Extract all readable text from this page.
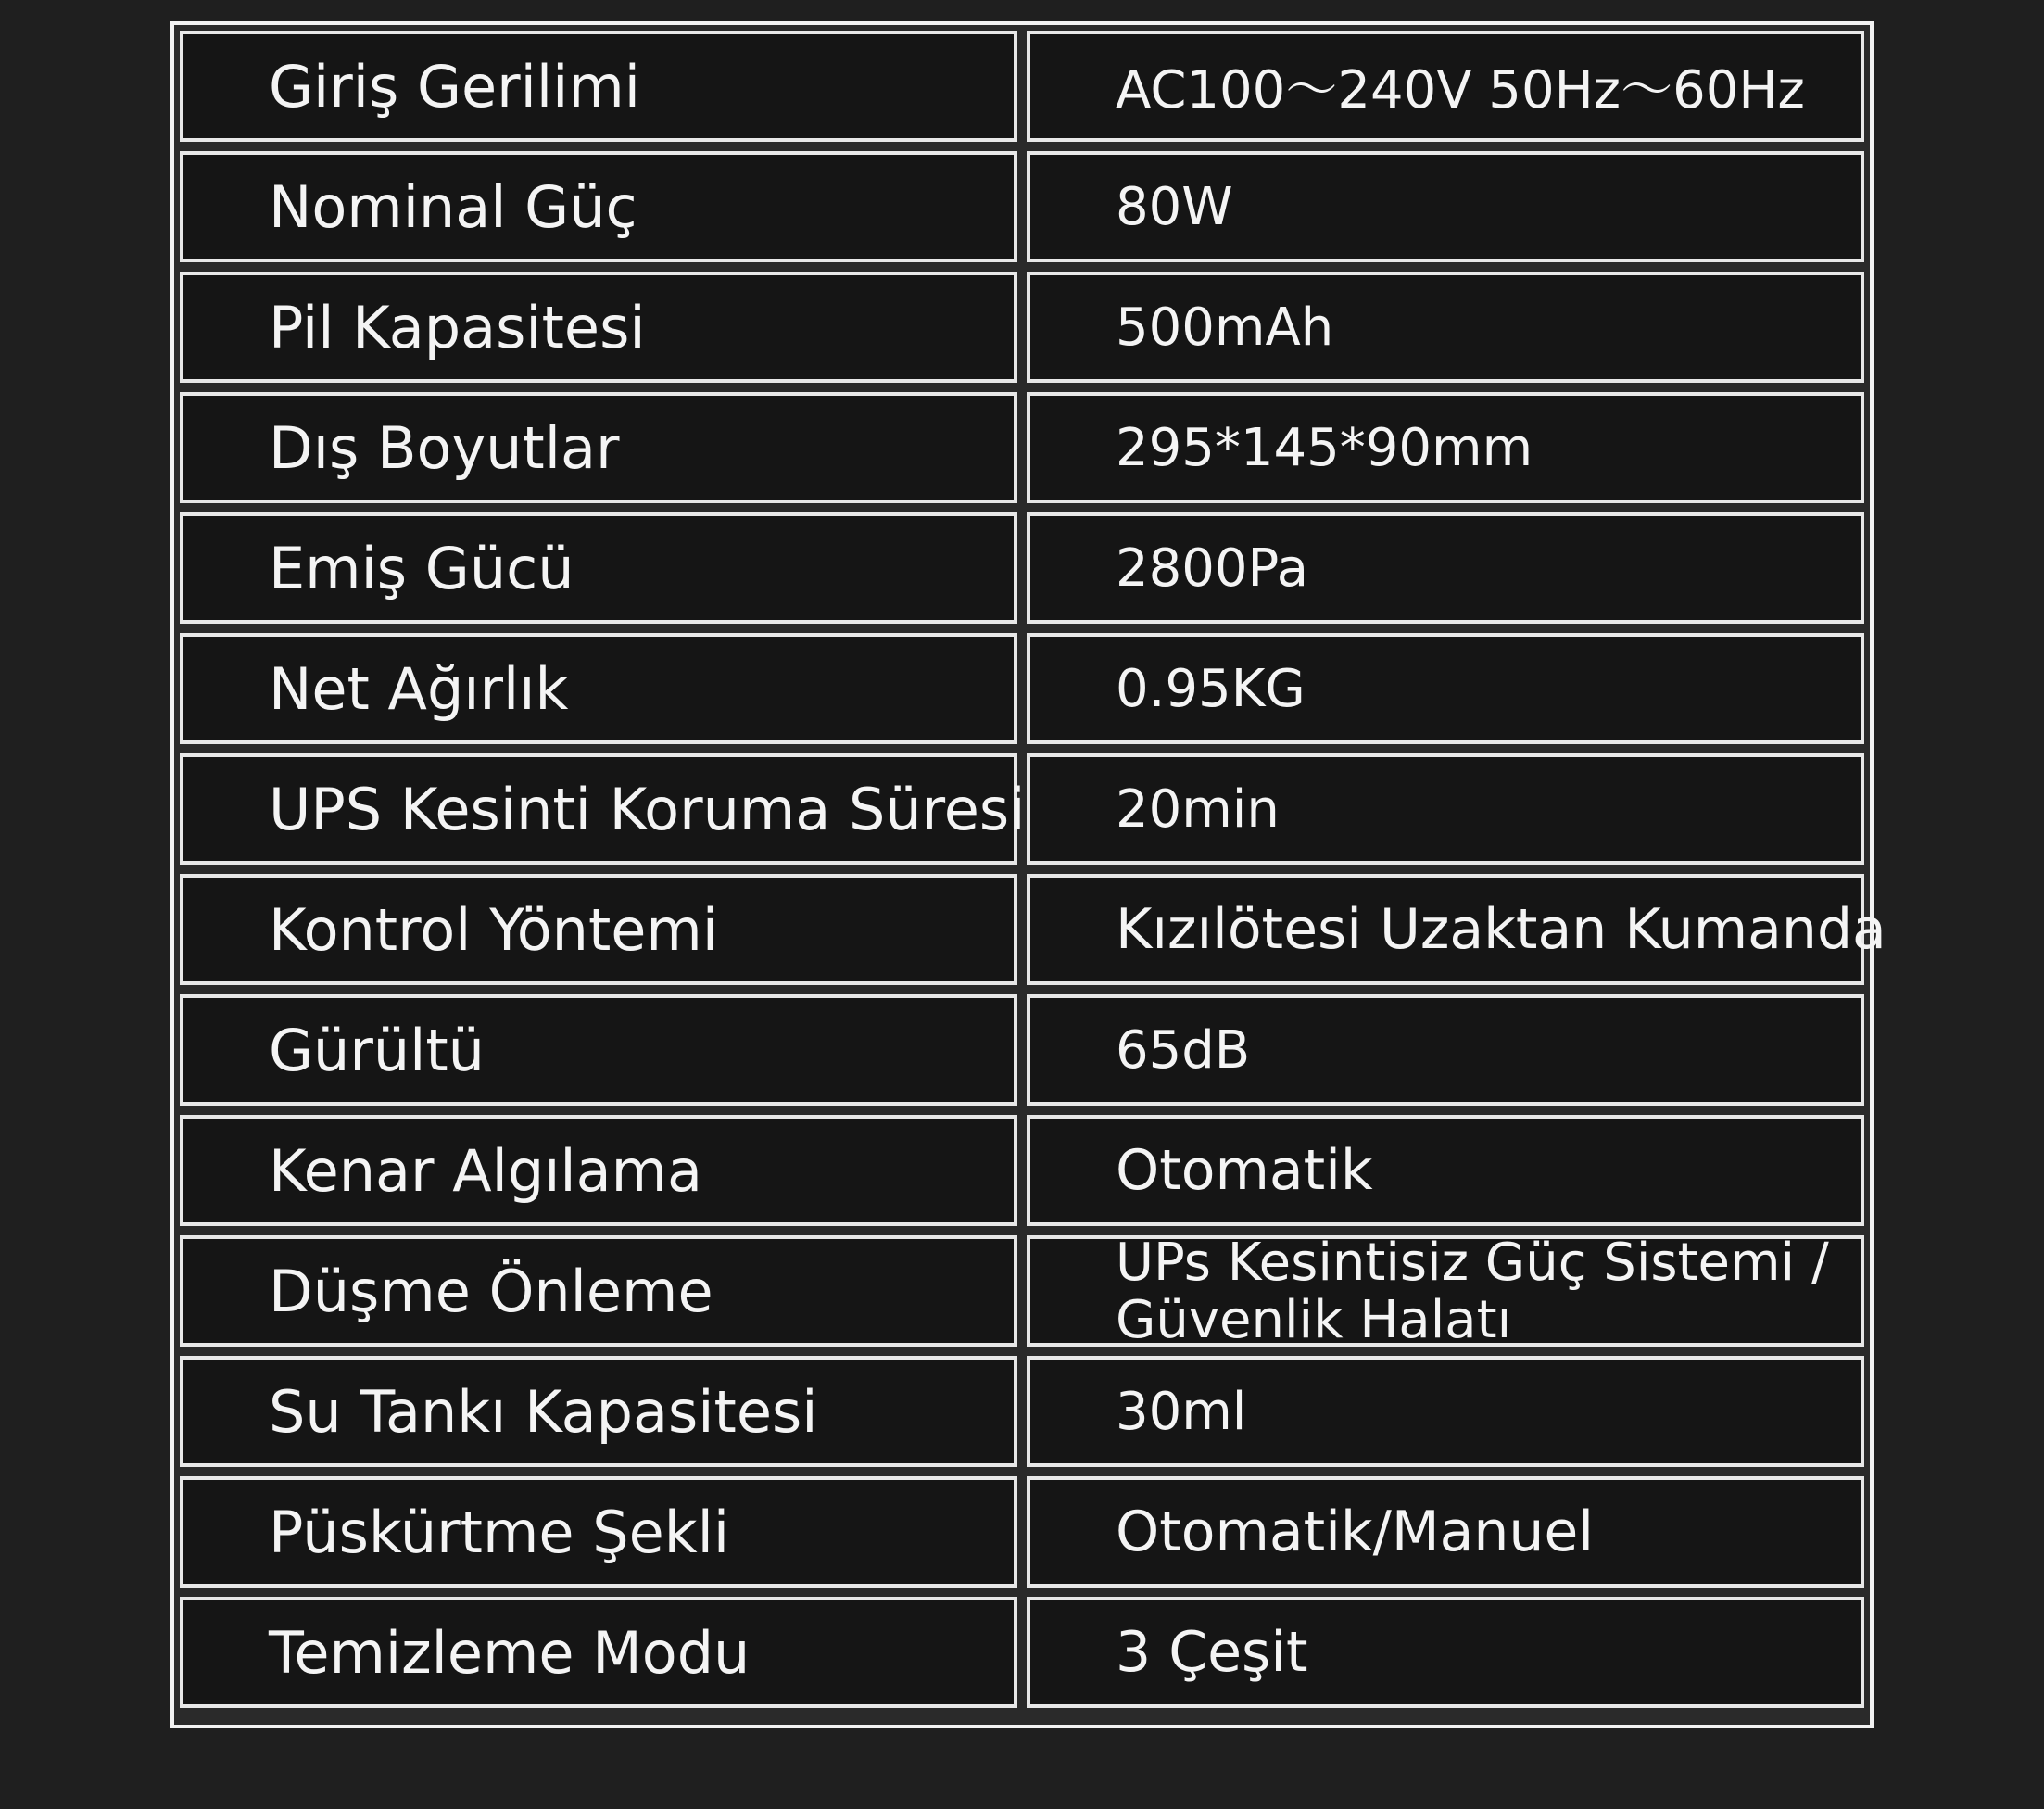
Giriş Gerilimi	AC100～240V 50Hz～60Hz
Nominal Güç	80W
Pil Kapasitesi	500mAh
Dış Boyutlar	295*145*90mm
Emiş Gücü	2800Pa
Net Ağırlık	0.95KG
UPS Kesinti Koruma Süresi	20min
Kontrol Yöntemi	Kızılötesi Uzaktan Kumanda
Gürültü	65dB
Kenar Algılama	Otomatik
Düşme Önleme	UPs Kesintisiz Güç Sistemi /
Güvenlik Halatı
Su Tankı Kapasitesi	30ml
Püskürtme Şekli	Otomatik/Manuel
Temizleme Modu	3 Çeşit
